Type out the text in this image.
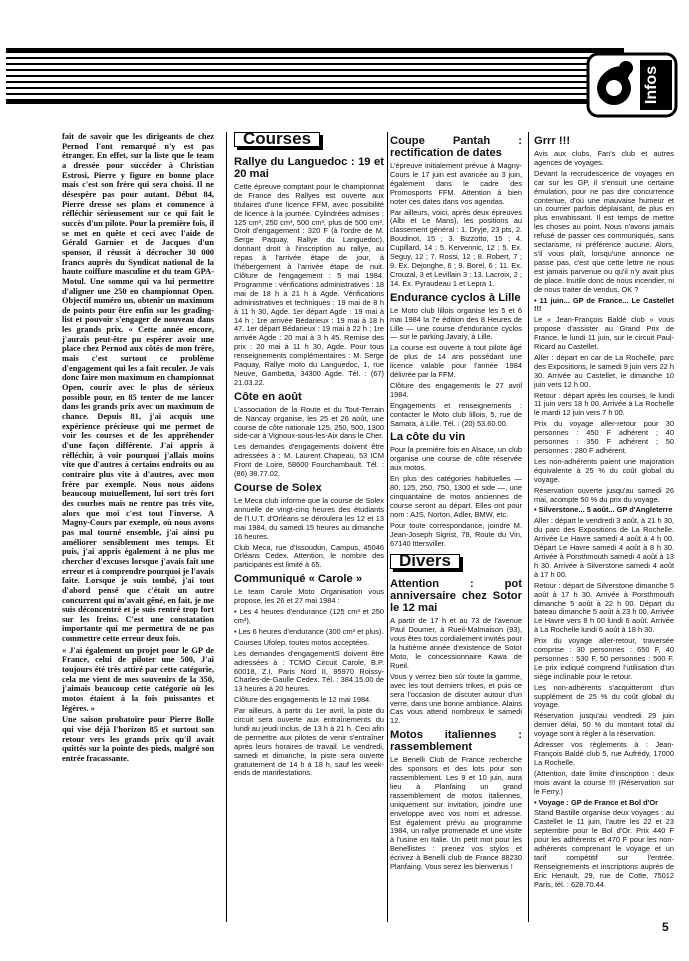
Infos

fait de savoir que les dirigeants de chez Pernod l'ont remarqué n'y est pas étranger. En effet, sur la liste que le team a dressée pour succéder à Christian Estrosi, Pierre y figure en bonne place mais c'est son frère qui sera choisi. Il ne désespère pas pour autant. Début 84, Pierre dresse ses plans et commence à réfléchir sérieusement sur ce qui fait le succès d'un pilote. Pour la première fois, il se met en quête et ceci avec l'aide de Gérald Garnier et de Jacques d'un sponsor, il réussit à décrocher 30 000 francs auprès du Syndicat national de la haute coiffure masculine et du team GPA-Motul. Une somme qui va lui permettre d'aligner une 250 en championnat Open. Objectif numéro un, obtenir un maximum de points pour être enfin sur les grading-list et pouvoir s'engager de nouveau dans les grands prix. « Cette année encore, j'aurais peut-être pu espérer avoir une place chez Pernod aux côtés de mon frère, mais c'est surtout ce problème d'engagement qui les a fait reculer. Je vais donc faire mon maximum en championnat Open, courir avec le plus de sérieux possible pour, en 85 tenter de me lancer dans les grands prix avec un maximum de chance. Depuis 81, j'ai acquis une expérience précieuse qui me permet de voir les courses et de les appréhender d'une façon différente. J'ai appris à réfléchir, à voir pourquoi j'allais moins vite que d'autres à certains endroits ou au contraire plus vite à d'autres, avec mon frère par exemple. Nous nous aidons beaucoup mutuellement, lui sort très fort des courbes mais ne rentre pas très vite, alors que moi c'est tout l'inverse. A Magny-Cours par exemple, où nous avons pas mal tourné ensemble, j'ai ainsi pu améliorer sensiblement mes temps. Et puis, j'ai appris également à ne plus me chercher d'excuses lorsque j'avais fait une erreur et à comprendre pourquoi je l'avais faite. Lorsque je suis tombé, j'ai tout d'abord pensé que c'était un autre concurrent qui m'avait gêné, en fait, je me suis déconcentré et je suis rentré trop fort sur les freins. C'est une constatation importante qui me permettra de ne pas commettre cette erreur deux fois.

« J'ai également un projet pour le GP de France, celui de piloter une 500, J'ai toujours été très attiré par cette catégorie, cela me vient de mes souvenirs de la 350, j'aimais beaucoup cette catégorie où les motos étaient à la fois puissantes et légères. »

Une saison probatoire pour Pierre Bolle qui vise déjà l'horizon 85 et surtout son retour vers les grands prix qu'il avait quittés sur la pointe des pieds, malgré son entrée fracassante.

Courses
Rallye du Languedoc : 19 et 20 mai

Cette épreuve comptant pour le championnat de France des Rallyes est ouverte aux titulaires d'une licence FFM, avec possibilité de licence à la journée. Cylindrées admises : 125 cm³, 250 cm³, 500 cm³, plus de 500 cm³. Droit d'engagement : 320 F (à l'ordre de M. Serge Paquay, Rallye du Languedoc), donnant droit à l'inscription au rallye, au repas à l'arrivée étape de jour, à l'hébergement à l'arrivée étape de nuit. Clôture de l'engagement : 5 mai 1984. Programme : vérifications administratives : 18 mai de 18 h à 21 h à Agde. Vérifications administratives et techniques : 19 mai de 8 h à 11 h 30, Agde. 1er départ Agde : 19 mai à 14 h ; 1re arrivée Bédarieux : 19 mai à 18 h 47. 1er départ Bédarieux : 19 mai à 22 h ; 1re arrivée Agde : 20 mai à 3 h 45. Remise des prix : 20 mai à 11 h 30, Agde. Pour tous renseignements complémentaires : M. Serge Paquay, Rallye moto du Languedoc, 1, rue Neuve, Gambetta, 34300 Agde. Tél. : (67) 21.03.22.

Côte en août

L'association de la Route et du Tout-Terrain de Nancay organise, les 25 et 26 août, une course de côte nationale 125, 250, 500, 1300 side-car à Vignoux-sous-les-Aix dans le Cher.

Les demandes d'engagements doivent être adressées à : M. Laurent Chapeau, 53 ICM Front de Loire, 58600 Fourchambault. Tél. : (86) 38.77.02.

Course de Solex

Le Meca club informe que la course de Solex annuelle de vingt-cinq heures des étudiants de l'I.U.T. d'Orléans se déroulera les 12 et 13 mai 1984, du samedi 15 heures au dimanche 16 heures.

Club Meca, rue d'Issoudun, Campus, 45046 Orléans Cedex. Attention, le nombre des participants est limité à 65.

Communiqué « Carole »

Le team Carole Moto Organisation vous propose, les 26 et 27 mai 1984 :

• Les 4 heures d'endurance (125 cm³ et 250 cm³),

• Les 6 heures d'endurance (300 cm³ et plus).

Courses Ufolep, toutes motos acceptées.

Les demandes d'engagementS doivent être adressées à : TCMO Circuit Carole, B.P. 60018, Z.I. Paris Nord II, 95970 Roissy-Charles-de-Gaulle Cedex. Tél. : 384.15.00 de 13 heures à 20 heures.

Clôture des engagements le 12 mai 1984.

Par ailleurs, à partir du 1er avril, la piste du circuit sera ouverte aux entraînements du lundi au jeudi inclus, de 13 h à 21 h. Ceci afin de permettre aux pilotes de venir s'entraîner après leurs horaires de travail. Le vendredi, samedi et dimanche, la piste sera ouverte gratuitement de 14 h à 18 h, sauf les week-ends de manifestations.

Coupe Pantah : rectification de dates

L'épreuve initialement prévue à Magny-Cours le 17 juin est avancée au 3 juin, également dans le cadre des Promosports FFM. Attention à bien noter ces dates dans vos agendas.

Par ailleurs, voici, après deux épreuves (Albi et Le Mans), les positions au classement général : 1. Dryje, 23 pts, 2. Boudinot, 15 ; 3. Bizzotto, 15 ; 4. Cupillard, 14 ; 5. Kervennic, 12 ; 5. Ex. Seguy, 12 ; 7. Rossi, 12 ; 8. Robert, 7 ; 9. Ex. Dejonghe, 6 ; 9. Borel, 6 ; 11. Ex. Crouzal, 3 et Levillain 3 ; 13. Lacroix, 2 ; 14. Ex. Pyraudeau 1 et Lepra 1.

Endurance cyclos à Lille

Le Moto club lillois organise les 5 et 6 mai 1984 la 7e édition des 8 Heures de Lille — une course d'endurance cyclos — sur le parking Javary, à Lille.

La course est ouverte à tout pilote âgé de plus de 14 ans possédant une licence valable pour l'année 1984 délivrée par la FFM.

Clôture des engagements le 27 avril 1984.

Engagements et renseignements : contacter le Moto club lillois, 5, rue de Samara, à Lille. Tél. : (20) 53.60.00.

La côte du vin

Pour la première fois en Alsace, un club organise une course de côte réservée aux motos.

En plus des catégories habituelles — 80, 125, 250, 750, 1300 et side —, une cinquantaine de motos anciennes de course seront au départ. Elles ont pour nom : AJS, Norton, Adler, BMW, etc.

Pour toute correspondance, joindre M. Jean-Joseph Sigrist, 78, Route du Vin, 67140 Ittersviller.

Divers
Attention : pot anniversaire chez Sotor le 12 mai

A partir de 17 h et au 73 de l'avenue Paul Doumer, à Rueil-Malmaison (93), vous êtes tous cordialement invités pour la huitième année d'existence de Sotor Moto, le concessionnaire Kawa de Rueil.

Vous y verrez bien sûr toute la gamme, avec les tout derniers trikes, et puis ce sera l'occasion de discuter autour d'un verre, dans une bonne ambiance. Alains Cas vous attend nombreux le samedi 12.

Motos italiennes : rassemblement

Le Benelli Club de France recherche des sponsors et des lots pour son rassemblement. Les 9 et 10 juin, aura lieu à Planfaing un grand rassemblement de motos italiennes, uniquement sur invitation, joindre une enveloppe avec vos nom et adresse. Est également prévu au programme 1984, un rallye promenade et une visite à l'usine en Italie. Un petit mot pour les Benellistes : prenez vos stylos et écrivez à Benelli club de France 88230 Planfaing. Vous serez les bienvenus !

Grrr !!!

Avis aux clubs, Fan's club et autres agences de voyages.

Devant la recrudescence de voyages en car sur les GP, il s'ensuit une certaine émulation, pour ne pas dire concurrence contenue, d'où une mauvaise humeur et un courrier parfois déplaisant, de plus en plus envahissant. Il est temps de mettre les choses au point. Nous n'avons jamais refusé de passer ces communiqués, sans sectarisme, ni préférence aucune. Alors, s'il vous plaît, lorsqu'une annonce ne passe pas, c'est que cette lettre ne nous est jamais parvenue ou qu'il n'y avait plus de place. Inutile donc de nous incendier, ni de nous traiter de vendus. OK ?

• 11 juin... GP de France... Le Castellet !!!

Le « Jean-François Baldé club » vous propose d'assister au Grand Prix de France, le lundi 11 juin, sur le circuit Paul-Ricard au Castellet.

Aller : départ en car de La Rochelle, parc des Expositions, le samedi 9 juin vers 22 h 30. Arrivée au Castellet, le dimanche 10 juin vers 12 h 00.

Retour : départ après les courses, le lundi 11 juin vers 18 h 00. Arrivée à La Rochelle le mardi 12 juin vers 7 h 00.

Prix du voyage aller-retour pour 30 personnes : 450 F adhérent ; 40 personnes : 350 F adhérent ; 50 personnes : 280 F adhérent.

Les non-adhérents paient une majoration équivalente à 25 % du coût global du voyage.

Réservation ouverte jusqu'au samedi 26 mai, acompte 50 % du prix du voyage.

• Silverstone... 5 août... GP d'Angleterre

Aller : départ le vendredi 3 août, à 21 h 30, du parc des Expositions de La Rochelle. Arrivée Le Havre samedi 4 août à 4 h 00. Départ Le Havre samedi 4 août à 8 h 30. Arrivée à Porsthmouth samedi 4 août à 13 h 30. Arrivée à Silverstone samedi 4 août à 17 h 00.

Retour : départ de Silverstone dimanche 5 août à 17 h 30. Arrivée à Porsthmouth dimanche 5 août à 22 h 00. Départ du bateau dimanche 5 août à 23 h 00. Arrivée Le Havre vers 8 h 00 lundi 6 août. Arrivée à La Rochelle lundi 6 août à 18 h 30.

Prix du voyage aller-retour, traversée comprise : 30 personnes : 650 F, 40 personnes : 530 F, 50 personnes : 500 F. Le prix indiqué comprend l'utilisation d'un siège inclinable pour le retour.

Les non-adhérents s'acquitteront d'un supplément de 25 % du coût global du voyage.

Réservation jusqu'au vendredi 29 juin dernier délai, 50 % du montant total du voyage sont à régler à la réservation.

Adresser vos règlements à : Jean-François Baldé club 5, rue Aufrédy, 17000 La Rochelle.

(Attention, date limite d'inscription : deux mois avant la course !!! (Réservation sur le Ferry.)

• Voyage : GP de France et Bol d'Or

Stand Bastille organise deux voyages : au Castellet le 11 juin, l'autre les 22 et 23 septembre pour le Bol d'Or. Prix 440 F pour les adhérents et 470 F pour les non-adhérents comprenant le voyage et un tarif compétitif sur l'entrée. Renseignements et inscriptions auprès de Eric Henault, 29, rue de Cotte, 75012 Paris, tél. : 628.70.44.

5
